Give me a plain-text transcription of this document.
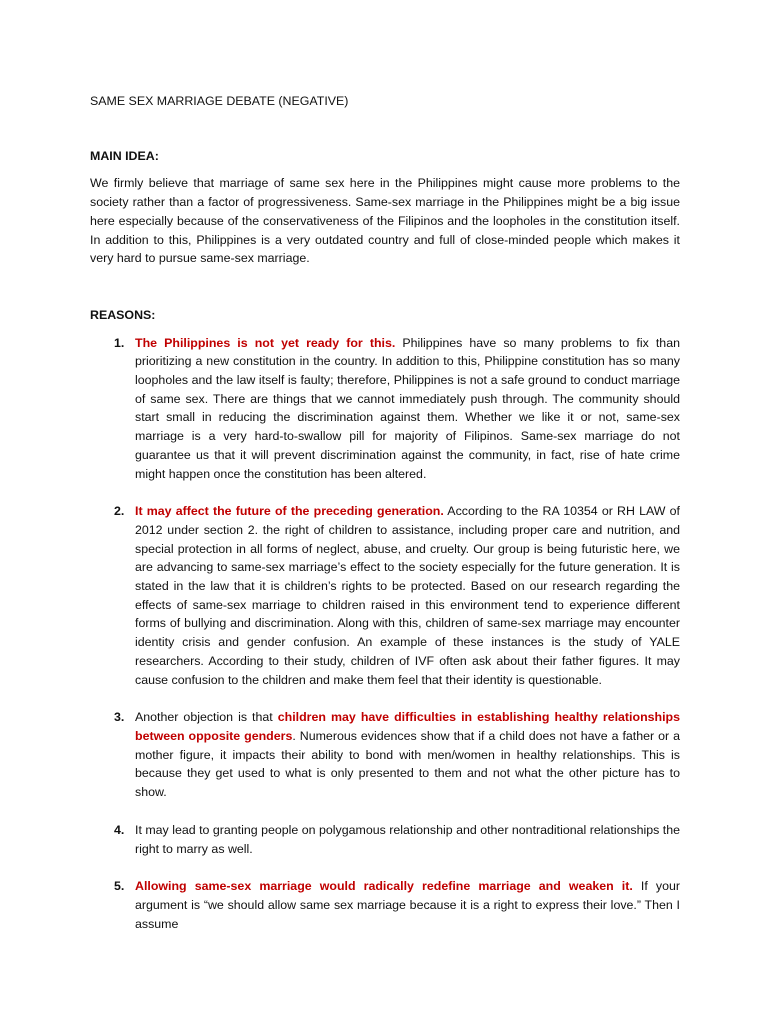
SAME SEX MARRIAGE DEBATE (NEGATIVE)
MAIN IDEA:

We firmly believe that marriage of same sex here in the Philippines might cause more problems to the society rather than a factor of progressiveness. Same-sex marriage in the Philippines might be a big issue here especially because of the conservativeness of the Filipinos and the loopholes in the constitution itself. In addition to this, Philippines is a very outdated country and full of close-minded people which makes it very hard to pursue same-sex marriage.

REASONS:
1. The Philippines is not yet ready for this. Philippines have so many problems to fix than prioritizing a new constitution in the country. In addition to this, Philippine constitution has so many loopholes and the law itself is faulty; therefore, Philippines is not a safe ground to conduct marriage of same sex. There are things that we cannot immediately push through. The community should start small in reducing the discrimination against them. Whether we like it or not, same-sex marriage is a very hard-to-swallow pill for majority of Filipinos. Same-sex marriage do not guarantee us that it will prevent discrimination against the community, in fact, rise of hate crime might happen once the constitution has been altered.
2. It may affect the future of the preceding generation. According to the RA 10354 or RH LAW of 2012 under section 2. the right of children to assistance, including proper care and nutrition, and special protection in all forms of neglect, abuse, and cruelty. Our group is being futuristic here, we are advancing to same-sex marriage’s effect to the society especially for the future generation. It is stated in the law that it is children’s rights to be protected. Based on our research regarding the effects of same-sex marriage to children raised in this environment tend to experience different forms of bullying and discrimination. Along with this, children of same-sex marriage may encounter identity crisis and gender confusion. An example of these instances is the study of YALE researchers. According to their study, children of IVF often ask about their father figures. It may cause confusion to the children and make them feel that their identity is questionable.
3. Another objection is that children may have difficulties in establishing healthy relationships between opposite genders. Numerous evidences show that if a child does not have a father or a mother figure, it impacts their ability to bond with men/women in healthy relationships. This is because they get used to what is only presented to them and not what the other picture has to show.
4. It may lead to granting people on polygamous relationship and other nontraditional relationships the right to marry as well.
5. Allowing same-sex marriage would radically redefine marriage and weaken it. If your argument is “we should allow same sex marriage because it is a right to express their love.” Then I assume
